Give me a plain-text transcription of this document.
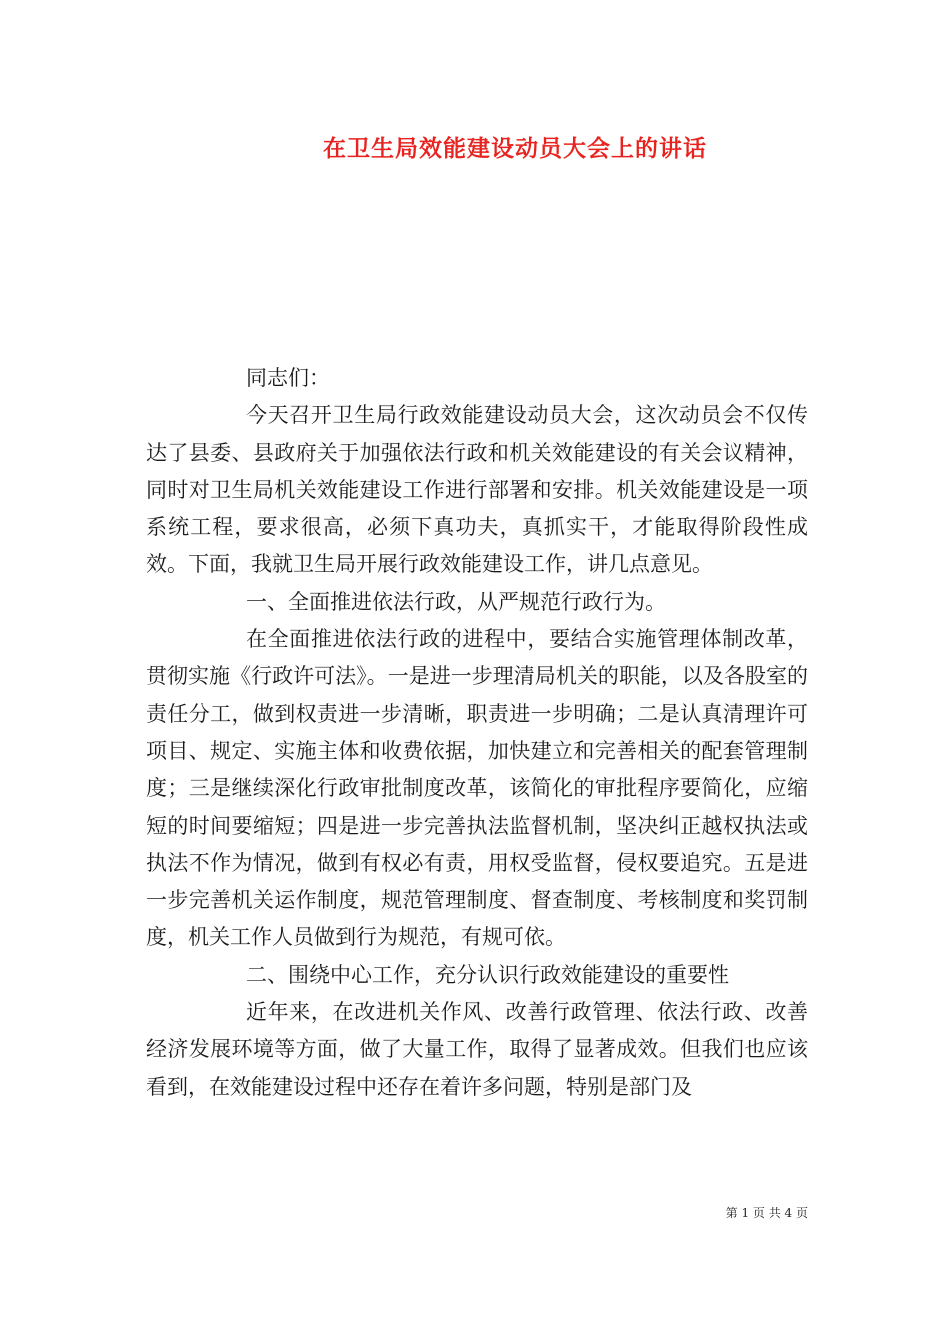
在卫生局效能建设动员大会上的讲话

同志们：

今天召开卫生局行政效能建设动员大会，这次动员会不仅传达了县委、县政府关于加强依法行政和机关效能建设的有关会议精神，同时对卫生局机关效能建设工作进行部署和安排。机关效能建设是一项系统工程，要求很高，必须下真功夫，真抓实干，才能取得阶段性成效。下面，我就卫生局开展行政效能建设工作，讲几点意见。

一、全面推进依法行政，从严规范行政行为。

在全面推进依法行政的进程中，要结合实施管理体制改革，贯彻实施《行政许可法》。一是进一步理清局机关的职能，以及各股室的责任分工，做到权责进一步清晰，职责进一步明确；二是认真清理许可项目、规定、实施主体和收费依据，加快建立和完善相关的配套管理制度；三是继续深化行政审批制度改革，该简化的审批程序要简化，应缩短的时间要缩短；四是进一步完善执法监督机制，坚决纠正越权执法或执法不作为情况，做到有权必有责，用权受监督，侵权要追究。五是进一步完善机关运作制度，规范管理制度、督查制度、考核制度和奖罚制度，机关工作人员做到行为规范，有规可依。

二、围绕中心工作，充分认识行政效能建设的重要性

近年来，在改进机关作风、改善行政管理、依法行政、改善经济发展环境等方面，做了大量工作，取得了显著成效。但我们也应该看到，在效能建设过程中还存在着许多问题，特别是部门及

第 1 页 共 4 页
